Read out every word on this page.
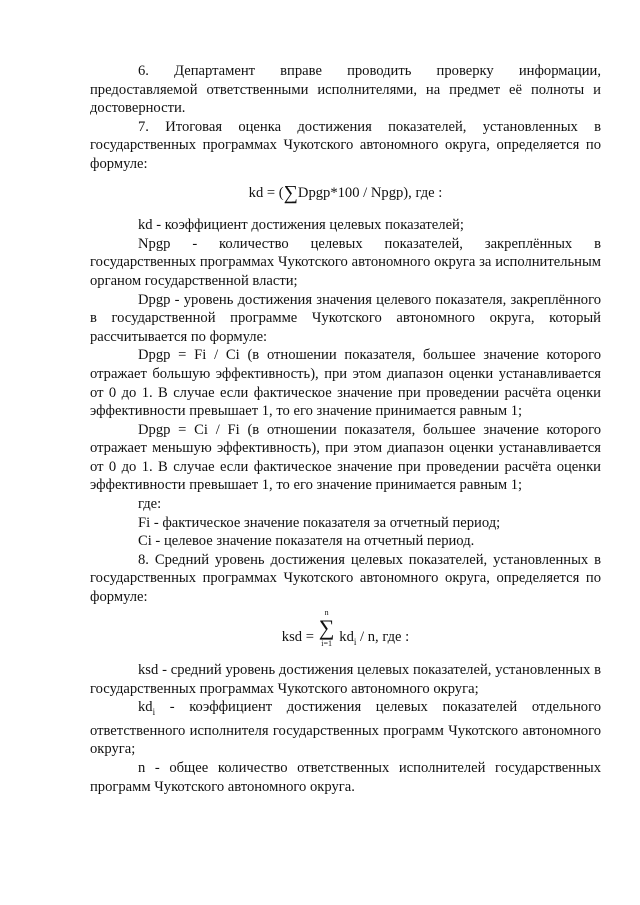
6. Департамент вправе проводить проверку информации, предоставляемой ответственными исполнителями, на предмет её полноты и достоверности.

7. Итоговая оценка достижения показателей, установленных в государственных программах Чукотского автономного округа, определяется по формуле:

kd = (∑Dpgp*100 / Npgp), где :

kd - коэффициент достижения целевых показателей;

Npgp - количество целевых показателей, закреплённых в государственных программах Чукотского автономного округа за исполнительным органом государственной власти;

Dpgp - уровень достижения значения целевого показателя, закреплённого в государственной программе Чукотского автономного округа, который рассчитывается по формуле:

Dpgp = Fi / Ci (в отношении показателя, большее значение которого отражает большую эффективность), при этом диапазон оценки устанавливается от 0 до 1. В случае если фактическое значение при проведении расчёта оценки эффективности превышает 1, то его значение принимается равным 1;

Dpgp = Ci / Fi (в отношении показателя, большее значение которого отражает меньшую эффективность), при этом диапазон оценки устанавливается от 0 до 1. В случае если фактическое значение при проведении расчёта оценки эффективности превышает 1, то его значение принимается равным 1;

где:

Fi - фактическое значение показателя за отчетный период;

Ci - целевое значение показателя на отчетный период.

8. Средний уровень достижения целевых показателей, установленных в государственных программах Чукотского автономного округа, определяется по формуле:

ksd =
n
∑
i=1 $kd_i$ / n, где :

ksd - средний уровень достижения целевых показателей, установленных в государственных программах Чукотского автономного округа;

$kd_i$ - коэффициент достижения целевых показателей отдельного ответственного исполнителя государственных программ Чукотского автономного округа;

n - общее количество ответственных исполнителей государственных программ Чукотского автономного округа.
